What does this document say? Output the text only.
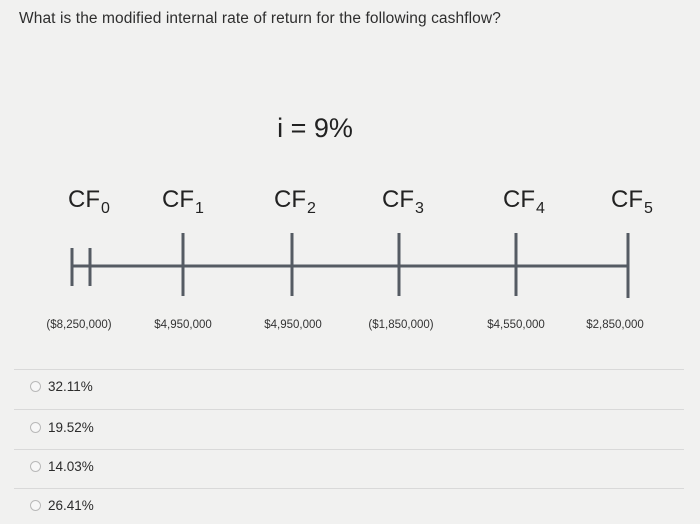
What is the modified internal rate of return for the following cashflow?
i = 9%
$CF_0$	$CF_1$	$CF_2$	$CF_3$	$CF_4$	$CF_5$
($8,250,000)	$4,950,000	$4,950,000	($1,850,000)	$4,550,000	$2,850,000
32.11%
19.52%
14.03%
26.41%
